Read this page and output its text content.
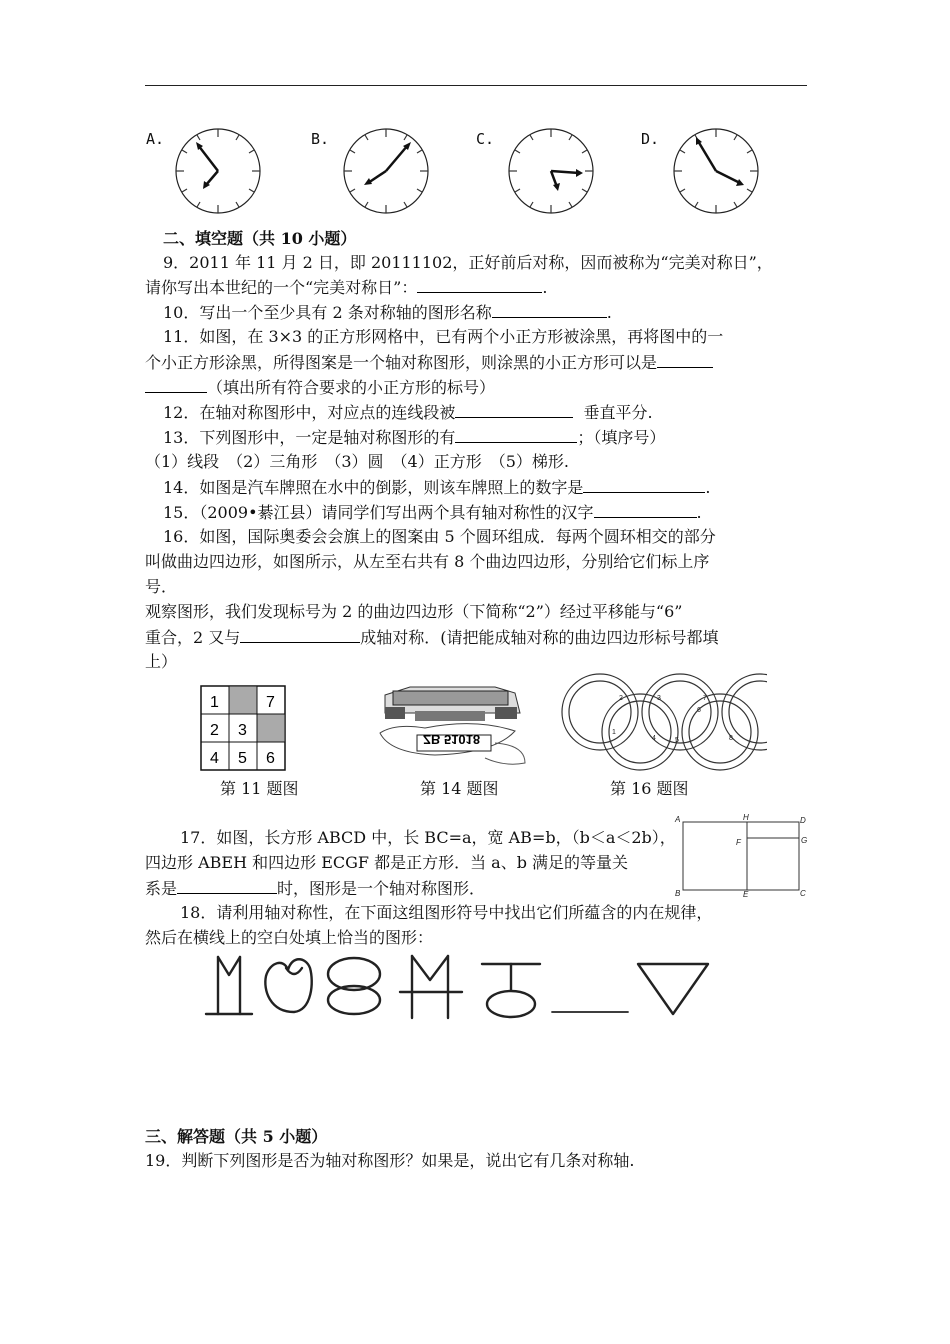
A.	B.	C.	D.
二、填空题（共 10 小题）
9．2011 年 11 月 2 日，即 20111102，正好前后对称，因而被称为“完美对称日”，
请你写出本世纪的一个“完美对称日”：	.
10．写出一个至少具有 2 条对称轴的图形名称	.
11．如图，在 3×3 的正方形网格中，已有两个小正方形被涂黑，再将图中的一
个小正方形涂黑，所得图案是一个轴对称图形，则涂黑的小正方形可以是
（填出所有符合要求的小正方形的标号）
12．在轴对称图形中，对应点的连线段被	垂直平分.
13．下列图形中，一定是轴对称图形的有	；（填序号）
（1）线段　（2）三角形　（3）圆　（4）正方形　（5）梯形.
14．如图是汽车牌照在水中的倒影，则该车牌照上的数字是	.
15．（2009•綦江县）请同学们写出两个具有轴对称性的汉字	.
16．如图，国际奥委会会旗上的图案由 5 个圆环组成．每两个圆环相交的部分
叫做曲边四边形，如图所示，从左至右共有 8 个曲边四边形，分别给它们标上序
号．
观察图形，我们发现标号为 2 的曲边四边形（下简称“2”）经过平移能与“6”
重合，2 又与	成轴对称．(请把能成轴对称的曲边四边形标号都填
上）
1	7
2 3
4 5 6
第 11 题图
ZB 51018
第 14 题图
1
2	3
4	5
6
7
8
第 16 题图
17．如图，长方形 ABCD 中，长 BC=a，宽 AB=b，（b＜a＜2b），
四边形 ABEH 和四边形 ECGF 都是正方形．当 a、b 满足的等量关
系是	时，图形是一个轴对称图形．
A	H	D
F	G
B	E	C
18．请利用轴对称性，在下面这组图形符号中找出它们所蕴含的内在规律，
然后在横线上的空白处填上恰当的图形：
三、解答题（共 5 小题）
19．判断下列图形是否为轴对称图形？如果是，说出它有几条对称轴.
